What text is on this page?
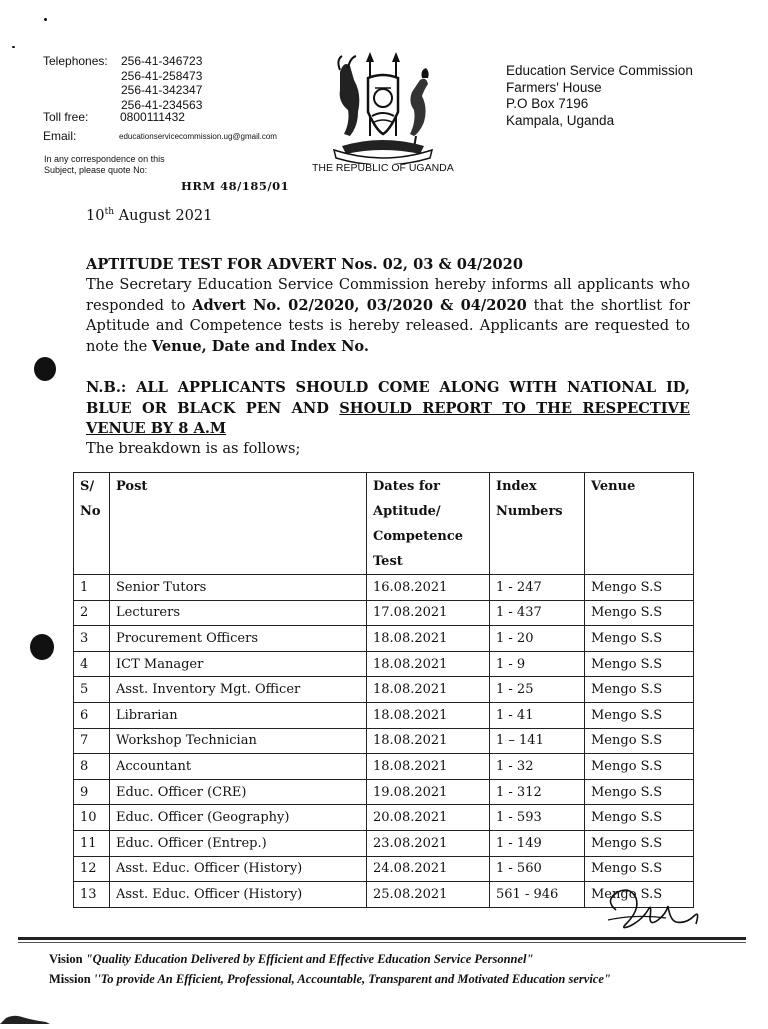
Telephones: 256-41-346723
256-41-258473
256-41-342347
256-41-234563
Toll free:	0800111432
Email:	educationservicecommission.ug@gmail.com
In any correspondence on this
Subject, please quote No:
HRM 48/185/01
THE REPUBLIC OF UGANDA
Education Service Commission
Farmers' House
P.O Box 7196
Kampala, Uganda
10th August 2021
APTITUDE TEST FOR ADVERT Nos. 02, 03 & 04/2020
The Secretary Education Service Commission hereby informs all applicants who responded to Advert No. 02/2020, 03/2020 & 04/2020 that the shortlist for Aptitude and Competence tests is hereby released. Applicants are requested to note the Venue, Date and Index No.
N.B.: ALL APPLICANTS SHOULD COME ALONG WITH NATIONAL ID, BLUE OR BLACK PEN AND SHOULD REPORT TO THE RESPECTIVE VENUE BY 8 A.M
The breakdown is as follows;
S/ No	Post	Dates for Aptitude/ Competence Test	Index Numbers	Venue
1	Senior Tutors	16.08.2021	1 - 247	Mengo S.S
2	Lecturers	17.08.2021	1 - 437	Mengo S.S
3	Procurement Officers	18.08.2021	1 - 20	Mengo S.S
4	ICT Manager	18.08.2021	1 - 9	Mengo S.S
5	Asst. Inventory Mgt. Officer	18.08.2021	1 - 25	Mengo S.S
6	Librarian	18.08.2021	1 - 41	Mengo S.S
7	Workshop Technician	18.08.2021	1 – 141	Mengo S.S
8	Accountant	18.08.2021	1 - 32	Mengo S.S
9	Educ. Officer (CRE)	19.08.2021	1 - 312	Mengo S.S
10	Educ. Officer (Geography)	20.08.2021	1 - 593	Mengo S.S
11	Educ. Officer (Entrep.)	23.08.2021	1 - 149	Mengo S.S
12	Asst. Educ. Officer (History)	24.08.2021	1 - 560	Mengo S.S
13	Asst. Educ. Officer (History)	25.08.2021	561 - 946	Mengo S.S
Vision "Quality Education Delivered by Efficient and Effective Education Service Personnel"
Mission ''To provide An Efficient, Professional, Accountable, Transparent and Motivated Education service"
